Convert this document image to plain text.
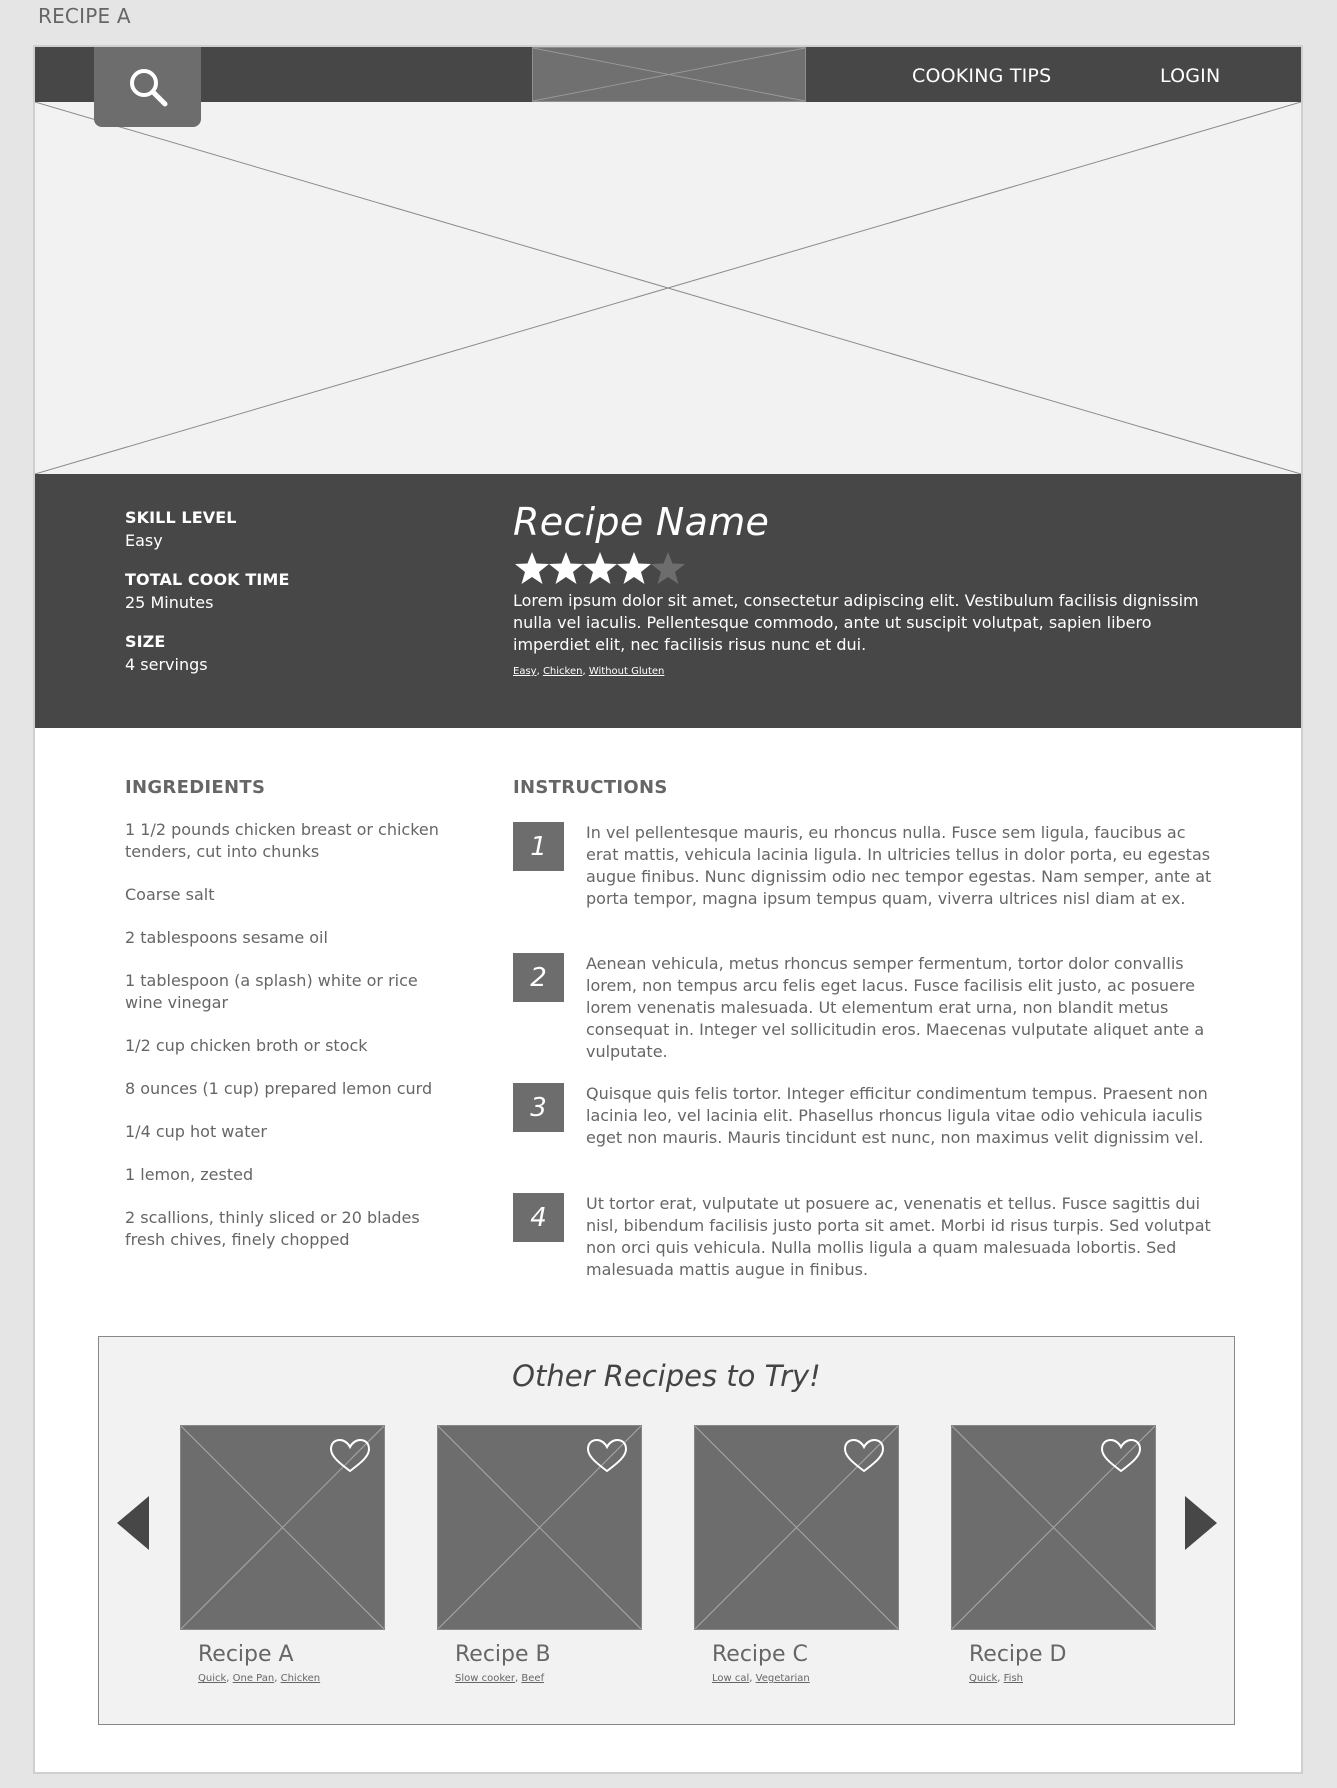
RECIPE A
COOKING TIPS	LOGIN
SKILL LEVEL
Easy
TOTAL COOK TIME
25 Minutes
SIZE
4 servings
Recipe Name
Lorem ipsum dolor sit amet, consectetur adipiscing elit. Vestibulum facilisis dignissim nulla vel iaculis. Pellentesque commodo, ante ut suscipit volutpat, sapien libero imperdiet elit, nec facilisis risus nunc et dui.
Easy, Chicken, Without Gluten
INGREDIENTS
1 1/2 pounds chicken breast or chicken tenders, cut into chunks
Coarse salt
2 tablespoons sesame oil
1 tablespoon (a splash) white or rice wine vinegar
1/2 cup chicken broth or stock
8 ounces (1 cup) prepared lemon curd
1/4 cup hot water
1 lemon, zested
2 scallions, thinly sliced or 20 blades fresh chives, finely chopped
INSTRUCTIONS
1	In vel pellentesque mauris, eu rhoncus nulla. Fusce sem ligula, faucibus ac erat mattis, vehicula lacinia ligula. In ultricies tellus in dolor porta, eu egestas augue finibus. Nunc dignissim odio nec tempor egestas. Nam semper, ante at porta tempor, magna ipsum tempus quam, viverra ultrices nisl diam at ex.
2	Aenean vehicula, metus rhoncus semper fermentum, tortor dolor convallis lorem, non tempus arcu felis eget lacus. Fusce facilisis elit justo, ac posuere lorem venenatis malesuada. Ut elementum erat urna, non blandit metus consequat in. Integer vel sollicitudin eros. Maecenas vulputate aliquet ante a vulputate.
3	Quisque quis felis tortor. Integer efficitur condimentum tempus. Praesent non lacinia leo, vel lacinia elit. Phasellus rhoncus ligula vitae odio vehicula iaculis eget non mauris. Mauris tincidunt est nunc, non maximus velit dignissim vel.
4	Ut tortor erat, vulputate ut posuere ac, venenatis et tellus. Fusce sagittis dui nisl, bibendum facilisis justo porta sit amet. Morbi id risus turpis. Sed volutpat non orci quis vehicula. Nulla mollis ligula a quam malesuada lobortis. Sed malesuada mattis augue in finibus.
Other Recipes to Try!
Recipe A
Quick, One Pan, Chicken
Recipe B
Slow cooker, Beef
Recipe C
Low cal, Vegetarian
Recipe D
Quick, Fish
